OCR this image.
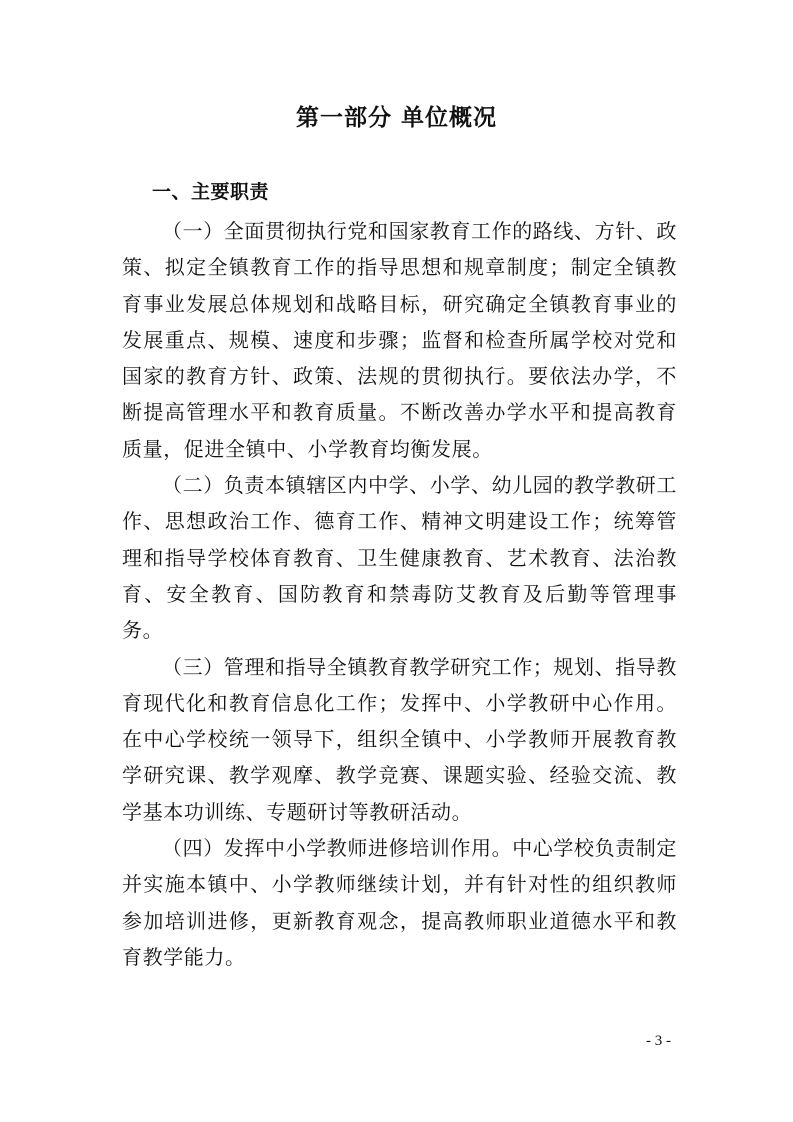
第一部分 单位概况
一、主要职责

（一）全面贯彻执行党和国家教育工作的路线、方针、政策、拟定全镇教育工作的指导思想和规章制度；制定全镇教育事业发展总体规划和战略目标，研究确定全镇教育事业的发展重点、规模、速度和步骤；监督和检查所属学校对党和国家的教育方针、政策、法规的贯彻执行。要依法办学，不断提高管理水平和教育质量。不断改善办学水平和提高教育质量，促进全镇中、小学教育均衡发展。

（二）负责本镇辖区内中学、小学、幼儿园的教学教研工作、思想政治工作、德育工作、精神文明建设工作；统筹管理和指导学校体育教育、卫生健康教育、艺术教育、法治教育、安全教育、国防教育和禁毒防艾教育及后勤等管理事务。

（三）管理和指导全镇教育教学研究工作；规划、指导教育现代化和教育信息化工作；发挥中、小学教研中心作用。在中心学校统一领导下，组织全镇中、小学教师开展教育教学研究课、教学观摩、教学竞赛、课题实验、经验交流、教学基本功训练、专题研讨等教研活动。

（四）发挥中小学教师进修培训作用。中心学校负责制定并实施本镇中、小学教师继续计划，并有针对性的组织教师参加培训进修，更新教育观念，提高教师职业道德水平和教育教学能力。

- 3 -
